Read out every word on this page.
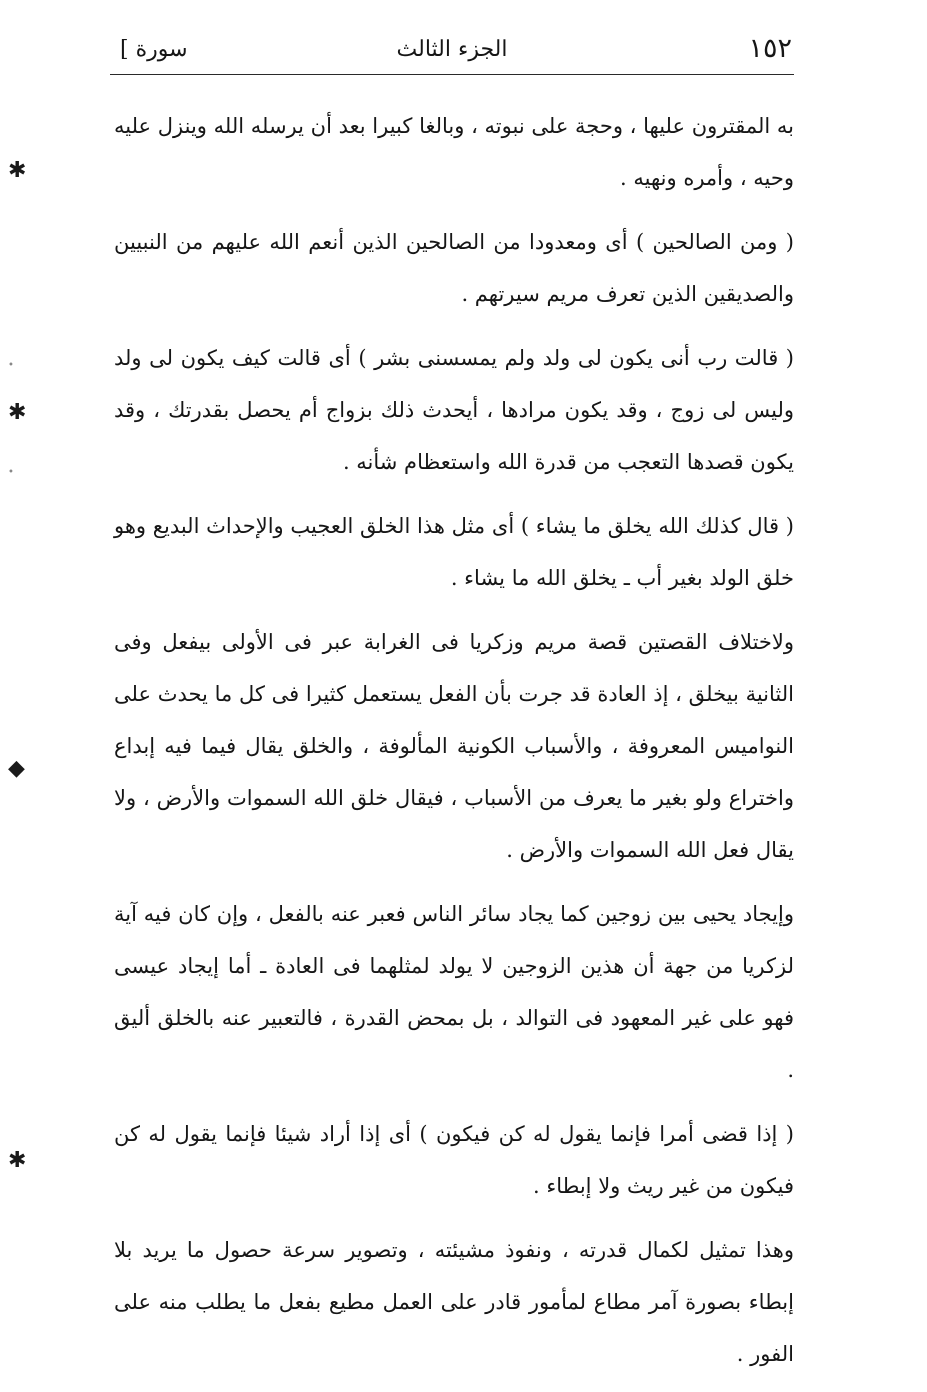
١٥٢
الجزء الثالث
سورة ]

به المقترون عليها ، وحجة على نبوته ، وبالغا كبيرا بعد أن يرسله الله وينزل عليه وحيه ، وأمره ونهيه .

( ومن الصالحين ) أى ومعدودا من الصالحين الذين أنعم الله عليهم من النبيين والصديقين الذين تعرف مريم سيرتهم .

( قالت رب أنى يكون لى ولد ولم يمسسنى بشر ) أى قالت كيف يكون لى ولد وليس لى زوج ، وقد يكون مرادها ، أيحدث ذلك بزواج أم يحصل بقدرتك ، وقد يكون قصدها التعجب من قدرة الله واستعظام شأنه .

( قال كذلك الله يخلق ما يشاء ) أى مثل هذا الخلق العجيب والإحداث البديع وهو خلق الولد بغير أب ـ يخلق الله ما يشاء .

ولاختلاف القصتين قصة مريم وزكريا فى الغرابة عبر فى الأولى بيفعل وفى الثانية بيخلق ، إذ العادة قد جرت بأن الفعل يستعمل كثيرا فى كل ما يحدث على النواميس المعروفة ، والأسباب الكونية المألوفة ، والخلق يقال فيما فيه إبداع واختراع ولو بغير ما يعرف من الأسباب ، فيقال خلق الله السموات والأرض ، ولا يقال فعل الله السموات والأرض .

وإيجاد يحيى بين زوجين كما يجاد سائر الناس فعبر عنه بالفعل ، وإن كان فيه آية لزكريا من جهة أن هذين الزوجين لا يولد لمثلهما فى العادة ـ أما إيجاد عيسى فهو على غير المعهود فى التوالد ، بل بمحض القدرة ، فالتعبير عنه بالخلق أليق .

( إذا قضى أمرا فإنما يقول له كن فيكون ) أى إذا أراد شيئا فإنما يقول له كن فيكون من غير ريث ولا إبطاء .

وهذا تمثيل لكمال قدرته ، ونفوذ مشيئته ، وتصوير سرعة حصول ما يريد بلا إبطاء بصورة آمر مطاع لمأمور قادر على العمل مطيع بفعل ما يطلب منه على الفور .

✱
•
✱
•
◆
✱
